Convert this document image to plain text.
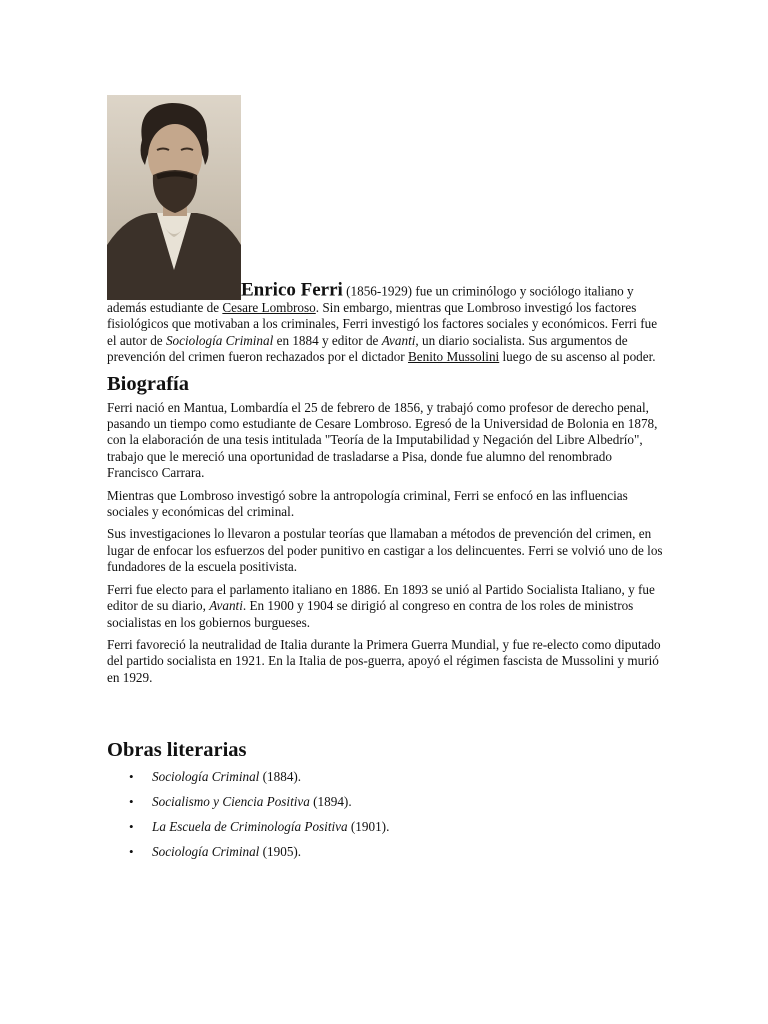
Enrico Ferri (1856-1929) fue un criminólogo y sociólogo italiano y además estudiante de Cesare Lombroso. Sin embargo, mientras que Lombroso investigó los factores fisiológicos que motivaban a los criminales, Ferri investigó los factores sociales y económicos. Ferri fue el autor de Sociología Criminal en 1884 y editor de Avanti, un diario socialista. Sus argumentos de prevención del crimen fueron rechazados por el dictador Benito Mussolini luego de su ascenso al poder.

Biografía

Ferri nació en Mantua, Lombardía el 25 de febrero de 1856, y trabajó como profesor de derecho penal, pasando un tiempo como estudiante de Cesare Lombroso. Egresó de la Universidad de Bolonia en 1878, con la elaboración de una tesis intitulada "Teoría de la Imputabilidad y Negación del Libre Albedrío", trabajo que le mereció una oportunidad de trasladarse a Pisa, donde fue alumno del renombrado Francisco Carrara.

Mientras que Lombroso investigó sobre la antropología criminal, Ferri se enfocó en las influencias sociales y económicas del criminal.

Sus investigaciones lo llevaron a postular teorías que llamaban a métodos de prevención del crimen, en lugar de enfocar los esfuerzos del poder punitivo en castigar a los delincuentes. Ferri se volvió uno de los fundadores de la escuela positivista.

Ferri fue electo para el parlamento italiano en 1886. En 1893 se unió al Partido Socialista Italiano, y fue editor de su diario, Avanti. En 1900 y 1904 se dirigió al congreso en contra de los roles de ministros socialistas en los gobiernos burgueses.

Ferri favoreció la neutralidad de Italia durante la Primera Guerra Mundial, y fue re-electo como diputado del partido socialista en 1921. En la Italia de pos-guerra, apoyó el régimen fascista de Mussolini y murió en 1929.

Obras literarias
• Sociología Criminal (1884).
• Socialismo y Ciencia Positiva (1894).
• La Escuela de Criminología Positiva (1901).
• Sociología Criminal (1905).
